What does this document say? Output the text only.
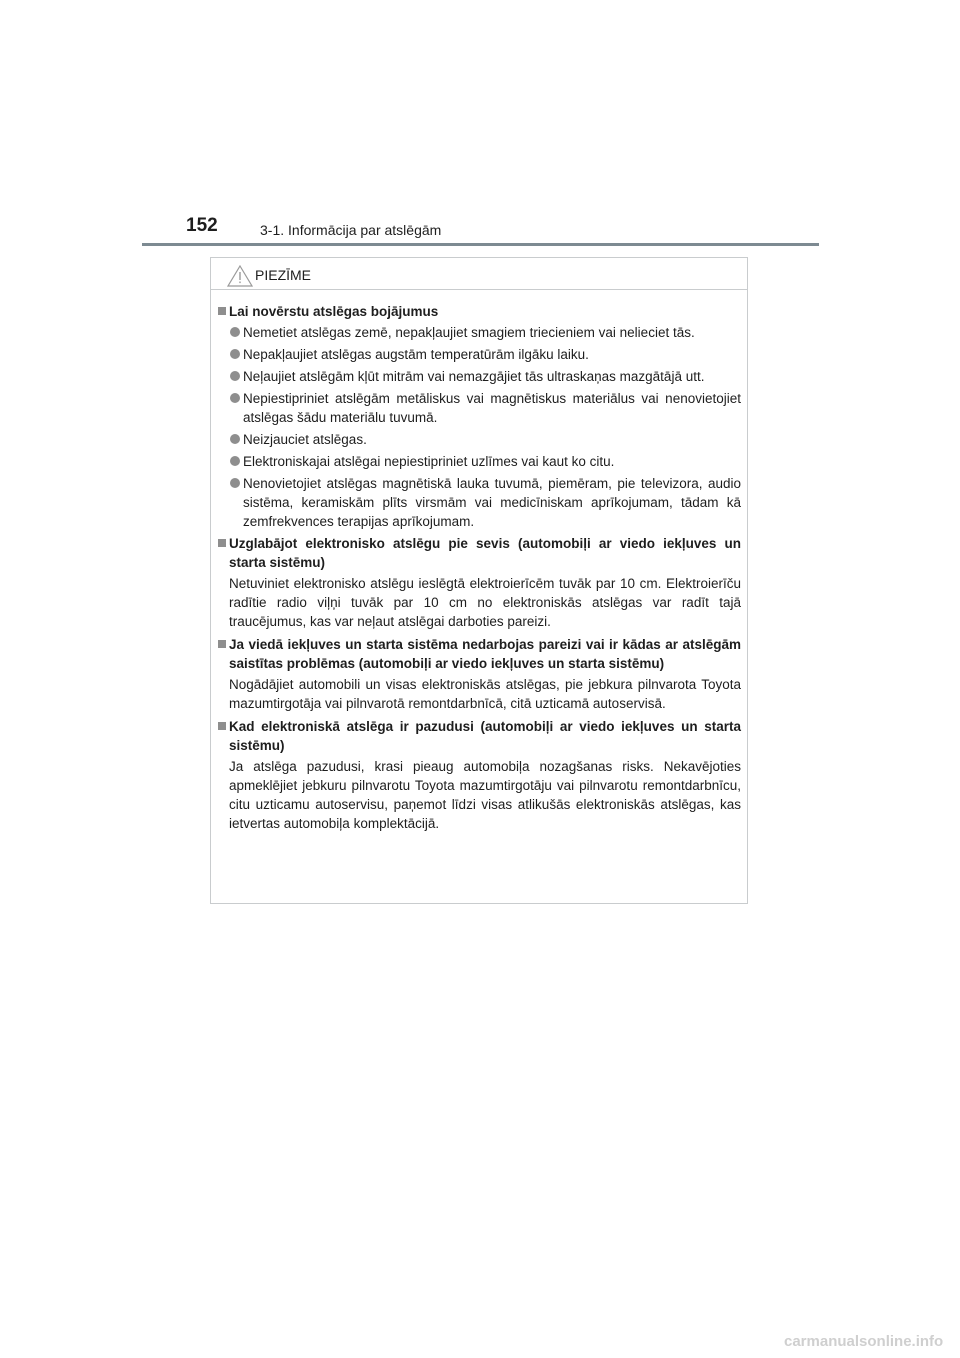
152	3-1. Informācija par atslēgām
PIEZĪME
Lai novērstu atslēgas bojājumus
Nemetiet atslēgas zemē, nepakļaujiet smagiem triecieniem vai nelieciet tās.
Nepakļaujiet atslēgas augstām temperatūrām ilgāku laiku.
Neļaujiet atslēgām kļūt mitrām vai nemazgājiet tās ultraskaņas mazgātājā utt.
Nepiestipriniet atslēgām metāliskus vai magnētiskus materiālus vai nenovietojiet atslēgas šādu materiālu tuvumā.
Neizjauciet atslēgas.
Elektroniskajai atslēgai nepiestipriniet uzlīmes vai kaut ko citu.
Nenovietojiet atslēgas magnētiskā lauka tuvumā, piemēram, pie televizora, audio sistēma, keramiskām plīts virsmām vai medicīniskam aprīkojumam, tādam kā zemfrekvences terapijas aprīkojumam.
Uzglabājot elektronisko atslēgu pie sevis (automobiļi ar viedo iekļuves un starta sistēmu)
Netuviniet elektronisko atslēgu ieslēgtā elektroierīcēm tuvāk par 10 cm. Elektroierīču radītie radio viļņi tuvāk par 10 cm no elektroniskās atslēgas var radīt tajā traucējumus, kas var neļaut atslēgai darboties pareizi.
Ja viedā iekļuves un starta sistēma nedarbojas pareizi vai ir kādas ar atslēgām saistītas problēmas (automobiļi ar viedo iekļuves un starta sistēmu)
Nogādājiet automobili un visas elektroniskās atslēgas, pie jebkura pilnvarota Toyota mazumtirgotāja vai pilnvarotā remontdarbnīcā, citā uzticamā autoservisā.
Kad elektroniskā atslēga ir pazudusi (automobiļi ar viedo iekļuves un starta sistēmu)
Ja atslēga pazudusi, krasi pieaug automobiļa nozagšanas risks. Nekavējoties apmeklējiet jebkuru pilnvarotu Toyota mazumtirgotāju vai pilnvarotu remontdarbnīcu, citu uzticamu autoservisu, paņemot līdzi visas atlikušās elektroniskās atslēgas, kas ietvertas automobiļa komplektācijā.
carmanualsonline.info
